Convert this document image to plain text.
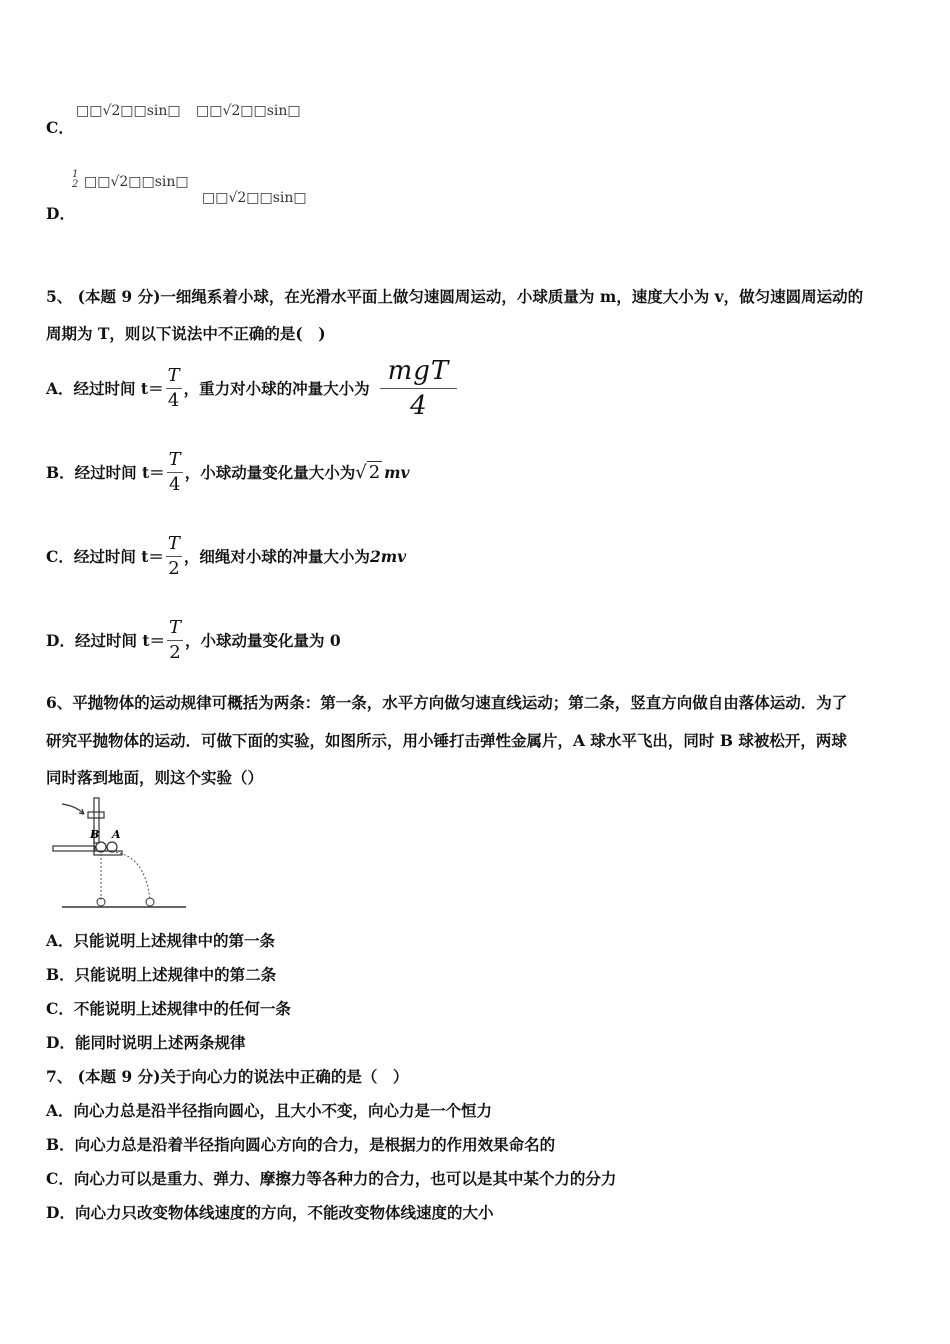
C．
□□√2□□sin□ □□√2□□sin□
D．
1
2 □□√2□□sin□
□□√2□□sin□
5、 (本题 9 分)一细绳系着小球，在光滑水平面上做匀速圆周运动，小球质量为 m，速度大小为 v，做匀速圆周运动的
周期为 T，则以下说法中不正确的是(　)
A． 经过时间 $t= \frac{T}{4}$ ，重力对小球的冲量大小为 $\frac{\text{mgT}}{4}$
B． 经过时间 $t= \frac{T}{4}$ ，小球动量变化量大小为 √ 2 mv
C． 经过时间 $t= \frac{T}{2}$ ，细绳对小球的冲量大小为 2mv
D． 经过时间 $t= \frac{T}{2}$ ，小球动量变化量为 0
6、平抛物体的运动规律可概括为两条：第一条，水平方向做匀速直线运动；第二条，竖直方向做自由落体运动．为了
研究平抛物体的运动．可做下面的实验，如图所示，用小锤打击弹性金属片，A 球水平飞出，同时 B 球被松开，两球
同时落到地面，则这个实验（）
B A
A．只能说明上述规律中的第一条
B．只能说明上述规律中的第二条
C．不能说明上述规律中的任何一条
D．能同时说明上述两条规律
7、 (本题 9 分)关于向心力的说法中正确的是（　）
A．向心力总是沿半径指向圆心，且大小不变，向心力是一个恒力
B．向心力总是沿着半径指向圆心方向的合力，是根据力的作用效果命名的
C．向心力可以是重力、弹力、摩擦力等各种力的合力，也可以是其中某个力的分力
D．向心力只改变物体线速度的方向，不能改变物体线速度的大小
